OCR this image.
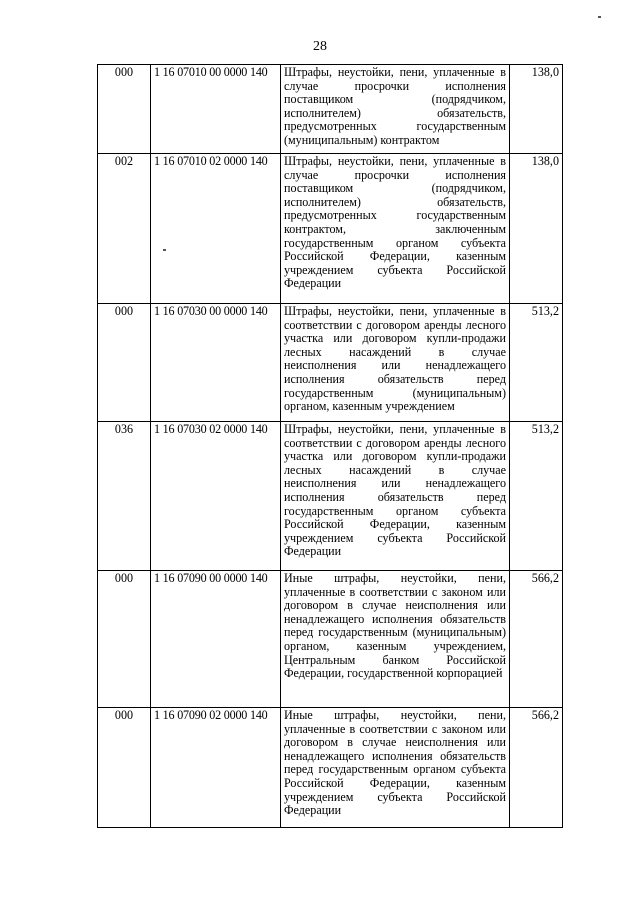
28
000	1 16 07010 00 0000 140	Штрафы, неустойки, пени, уплаченные в случае просрочки исполнения поставщиком (подрядчиком, исполнителем) обязательств, предусмотренных государственным (муниципальным) контрактом	138,0
002	1 16 07010 02 0000 140	Штрафы, неустойки, пени, уплаченные в случае просрочки исполнения поставщиком (подрядчиком, исполнителем) обязательств, предусмотренных государственным контрактом, заключенным государственным органом субъекта Российской Федерации, казенным учреждением субъекта Российской Федерации	138,0
000	1 16 07030 00 0000 140	Штрафы, неустойки, пени, уплаченные в соответствии с договором аренды лесного участка или договором купли-продажи лесных насаждений в случае неисполнения или ненадлежащего исполнения обязательств перед государственным (муниципальным) органом, казенным учреждением	513,2
036	1 16 07030 02 0000 140	Штрафы, неустойки, пени, уплаченные в соответствии с договором аренды лесного участка или договором купли-продажи лесных насаждений в случае неисполнения или ненадлежащего исполнения обязательств перед государственным органом субъекта Российской Федерации, казенным учреждением субъекта Российской Федерации	513,2
000	1 16 07090 00 0000 140	Иные штрафы, неустойки, пени, уплаченные в соответствии с законом или договором в случае неисполнения или ненадлежащего исполнения обязательств перед государственным (муниципальным) органом, казенным учреждением, Центральным банком Российской Федерации, государственной корпорацией	566,2
000	1 16 07090 02 0000 140	Иные штрафы, неустойки, пени, уплаченные в соответствии с законом или договором в случае неисполнения или ненадлежащего исполнения обязательств перед государственным органом субъекта Российской Федерации, казенным учреждением субъекта Российской Федерации	566,2
